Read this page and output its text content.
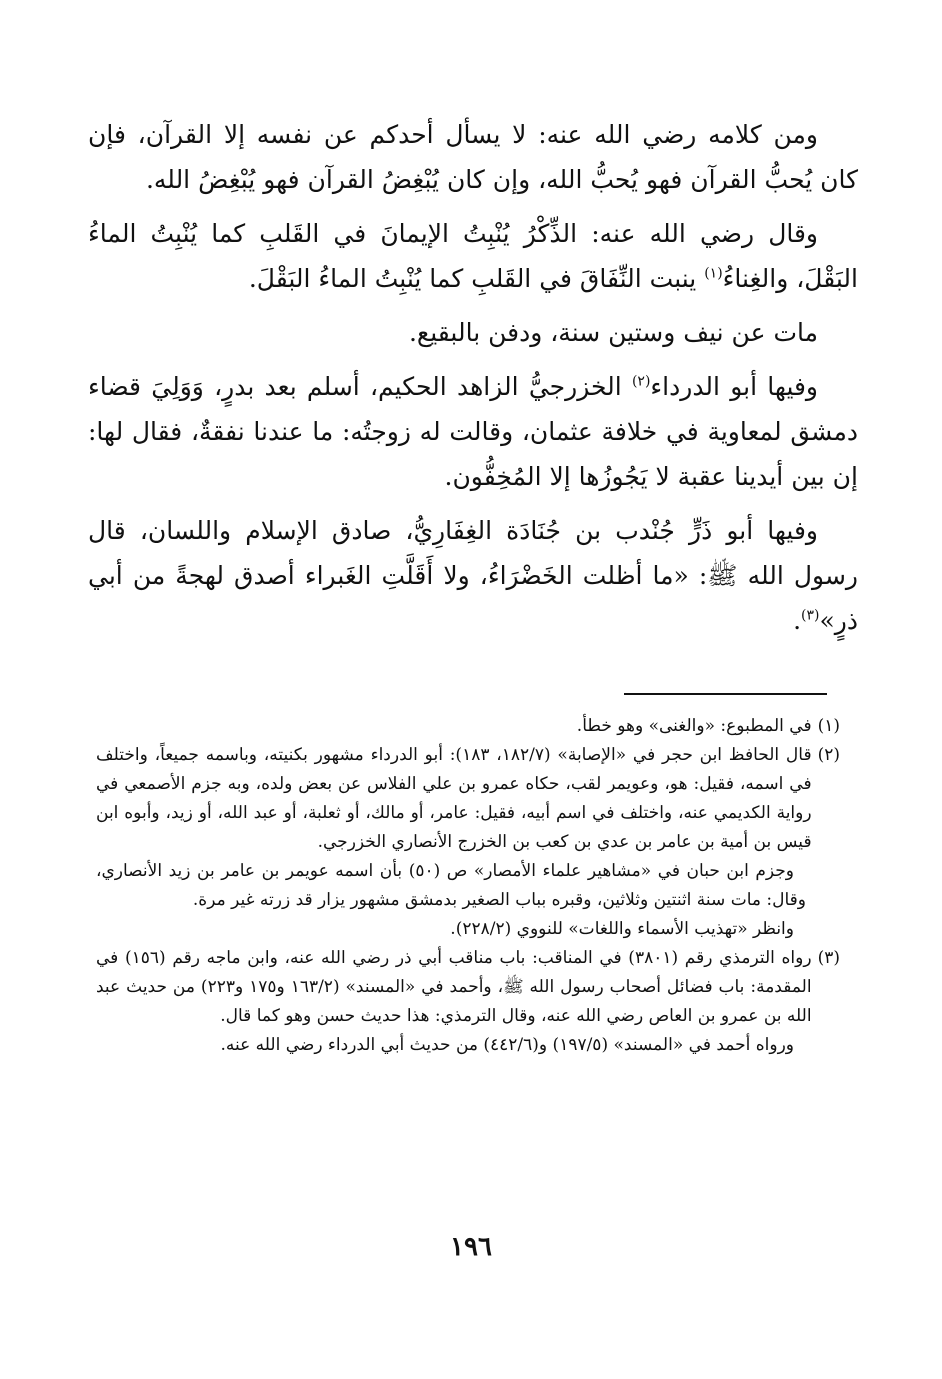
ومن كلامه رضي الله عنه: لا يسأل أحدكم عن نفسه إلا القرآن، فإن كان يُحبُّ القرآن فهو يُحبُّ الله، وإن كان يُبْغِضُ القرآن فهو يُبْغِضُ الله.

وقال رضي الله عنه: الذِّكْرُ يُنْبِتُ الإيمانَ في القَلبِ كما يُنْبِتُ الماءُ البَقْلَ، والغِناءُ$^{(١)}$ ينبت النِّفَاقَ في القَلبِ كما يُنْبِتُ الماءُ البَقْلَ.

مات عن نيف وستين سنة، ودفن بالبقيع.

وفيها أبو الدرداء$^{(٢)}$ الخزرجيُّ الزاهد الحكيم، أسلم بعد بدرٍ، وَوَلِيَ قضاء دمشق لمعاوية في خلافة عثمان، وقالت له زوجتُه: ما عندنا نفقةٌ، فقال لها: إن بين أيدينا عقبة لا يَجُوزُها إلا المُخِفُّون.

وفيها أبو ذَرٍّ جُنْدب بن جُنَادَة الغِفَارِيُّ، صادق الإسلام واللسان، قال رسول الله ﷺ: «ما أظلت الخَضْرَاءُ، ولا أَقَلَّتِ الغَبراء أصدق لهجةً من أبي ذرٍ»$^{(٣)}$.

(١)
في المطبوع: «والغنى» وهو خطأ.
(٢)
قال الحافظ ابن حجر في «الإصابة» (١٨٢/٧، ١٨٣): أبو الدرداء مشهور بكنيته، وباسمه جميعاً، واختلف في اسمه، فقيل: هو، وعويمر لقب، حكاه عمرو بن علي الفلاس عن بعض ولده، وبه جزم الأصمعي في رواية الكديمي عنه، واختلف في اسم أبيه، فقيل: عامر، أو مالك، أو ثعلبة، أو عبد الله، أو زيد، وأبوه ابن قيس بن أمية بن عامر بن عدي بن كعب بن الخزرج الأنصاري الخزرجي.

وجزم ابن حبان في «مشاهير علماء الأمصار» ص (٥٠) بأن اسمه عويمر بن عامر بن زيد الأنصاري، وقال: مات سنة اثنتين وثلاثين، وقبره بباب الصغير بدمشق مشهور يزار قد زرته غير مرة.

وانظر «تهذيب الأسماء واللغات» للنووي (٢٢٨/٢).

(٣)
رواه الترمذي رقم (٣٨٠١) في المناقب: باب مناقب أبي ذر رضي الله عنه، وابن ماجه رقم (١٥٦) في المقدمة: باب فضائل أصحاب رسول الله ﷺ، وأحمد في «المسند» (١٦٣/٢ و١٧٥ و٢٢٣) من حديث عبد الله بن عمرو بن العاص رضي الله عنه، وقال الترمذي: هذا حديث حسن وهو كما قال.

ورواه أحمد في «المسند» (١٩٧/٥) و(٤٤٢/٦) من حديث أبي الدرداء رضي الله عنه.

١٩٦
